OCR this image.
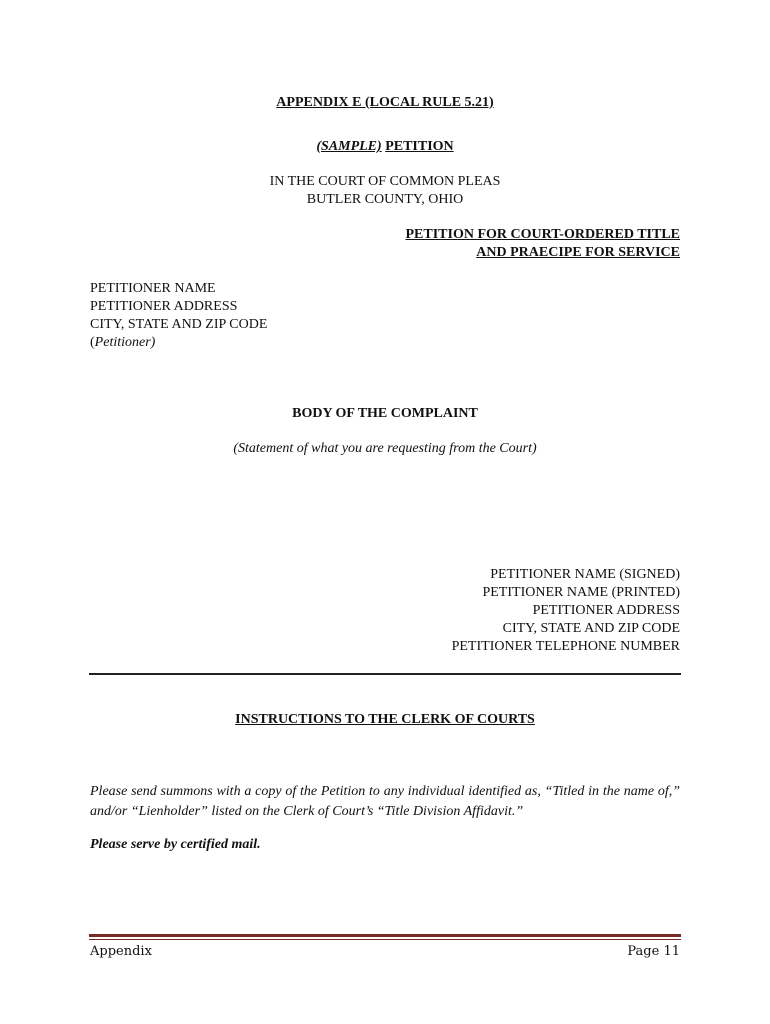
APPENDIX E (LOCAL RULE 5.21)

(SAMPLE) PETITION

IN THE COURT OF COMMON PLEAS
BUTLER COUNTY, OHIO
PETITION FOR COURT-ORDERED TITLE
AND PRAECIPE FOR SERVICE
PETITIONER NAME
PETITIONER ADDRESS
CITY, STATE AND ZIP CODE
(Petitioner)

BODY OF THE COMPLAINT

(Statement of what you are requesting from the Court)

PETITIONER NAME (SIGNED)
PETITIONER NAME (PRINTED)
PETITIONER ADDRESS
CITY, STATE AND ZIP CODE
PETITIONER TELEPHONE NUMBER

INSTRUCTIONS TO THE CLERK OF COURTS

Please send summons with a copy of the Petition to any individual identified as, “Titled in the name of,” and/or “Lienholder” listed on the Clerk of Court’s “Title Division Affidavit.”

Please serve by certified mail.

Appendix	Page 11
